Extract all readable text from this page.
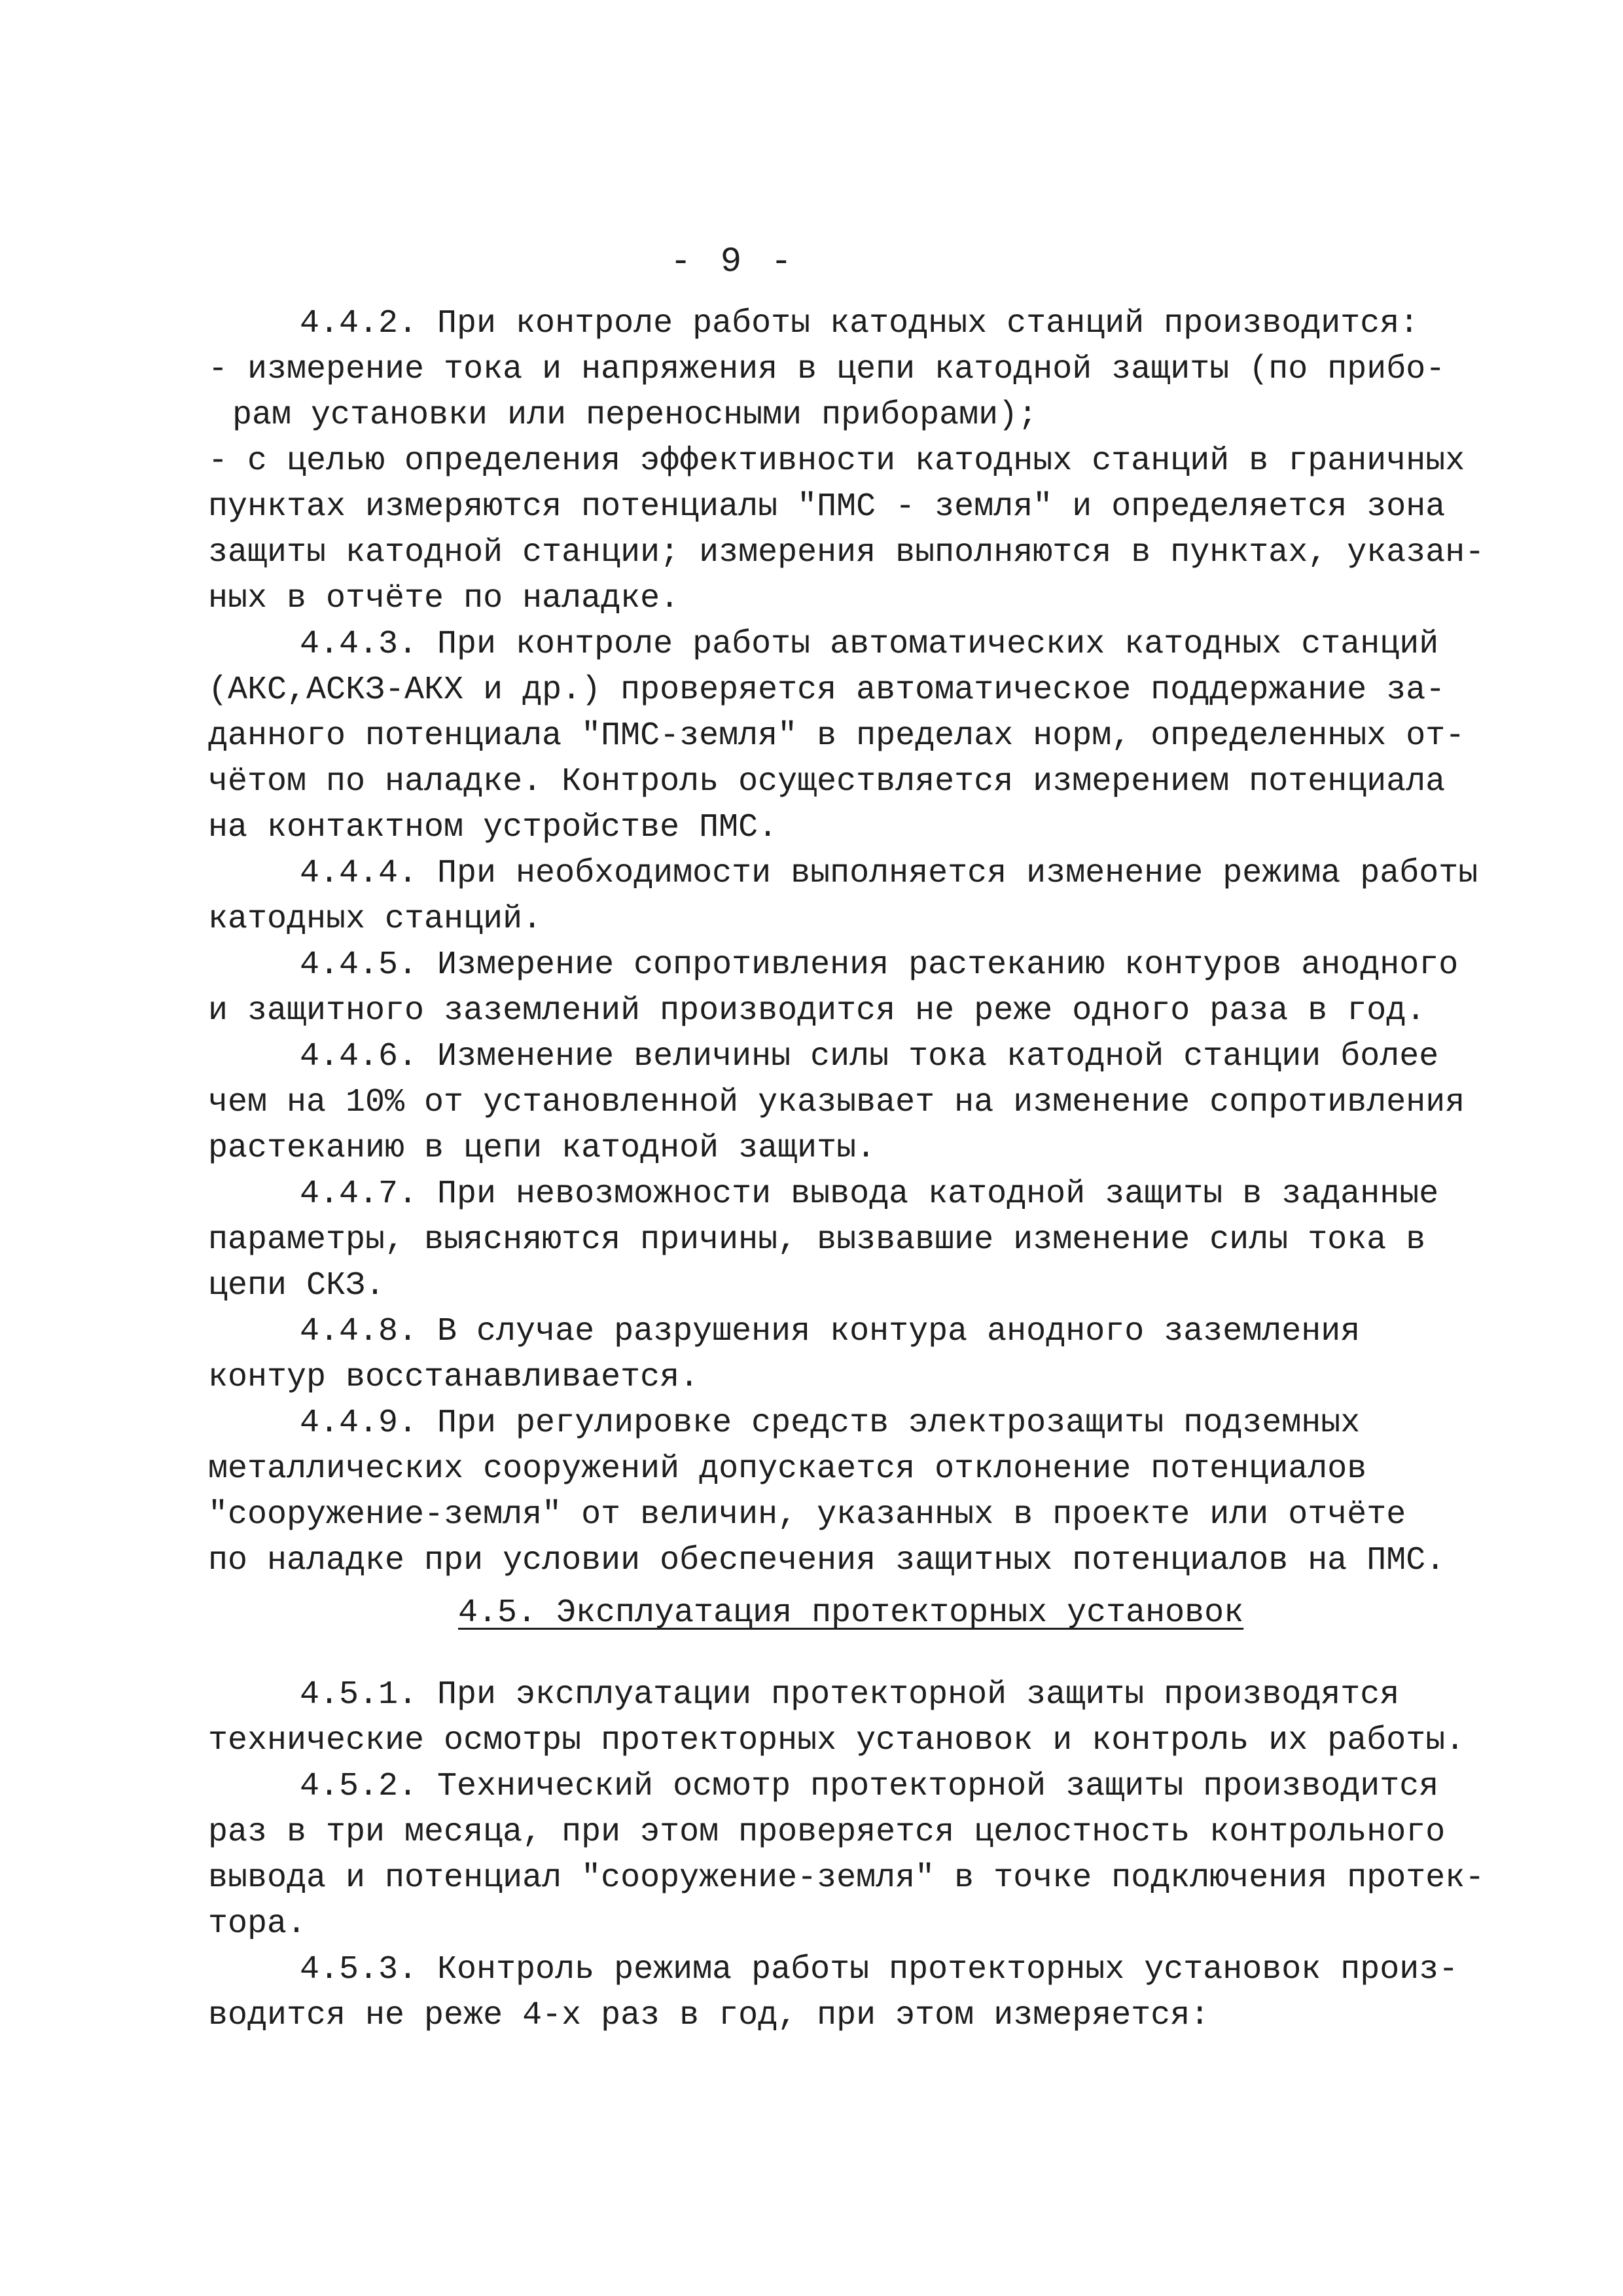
- 9 -
4.4.2. При контроле работы катодных станций производится:
- измерение тока и напряжения в цепи катодной защиты (по прибо-
рам установки или переносными приборами);
- с целью определения эффективности катодных станций в граничных
пунктах измеряются потенциалы "ПМС - земля" и определяется зона
защиты катодной станции; измерения выполняются в пунктах, указан-
ных в отчёте по наладке.
4.4.3. При контроле работы автоматических катодных станций
(АКС,АСКЗ-АКХ и др.) проверяется автоматическое поддержание за-
данного потенциала "ПМС-земля" в пределах норм, определенных от-
чётом по наладке. Контроль осуществляется измерением потенциала
на контактном устройстве ПМС.
4.4.4. При необходимости выполняется изменение режима работы
катодных станций.
4.4.5. Измерение сопротивления растеканию контуров анодного
и защитного заземлений производится не реже одного раза в год.
4.4.6. Изменение величины силы тока катодной станции более
чем на 10% от установленной указывает на изменение сопротивления
растеканию в цепи катодной защиты.
4.4.7. При невозможности вывода катодной защиты в заданные
параметры, выясняются причины, вызвавшие изменение силы тока в
цепи СКЗ.
4.4.8. В случае разрушения контура анодного заземления
контур восстанавливается.
4.4.9. При регулировке средств электрозащиты подземных
металлических сооружений допускается отклонение потенциалов
"сооружение-земля" от величин, указанных в проекте или отчёте
по наладке при условии обеспечения защитных потенциалов на ПМС.
4.5. Эксплуатация протекторных установок
4.5.1. При эксплуатации протекторной защиты производятся
технические осмотры протекторных установок и контроль их работы.
4.5.2. Технический осмотр протекторной защиты производится
раз в три месяца, при этом проверяется целостность контрольного
вывода и потенциал "сооружение-земля" в точке подключения протек-
тора.
4.5.3. Контроль режима работы протекторных установок произ-
водится не реже 4-х раз в год, при этом измеряется:
